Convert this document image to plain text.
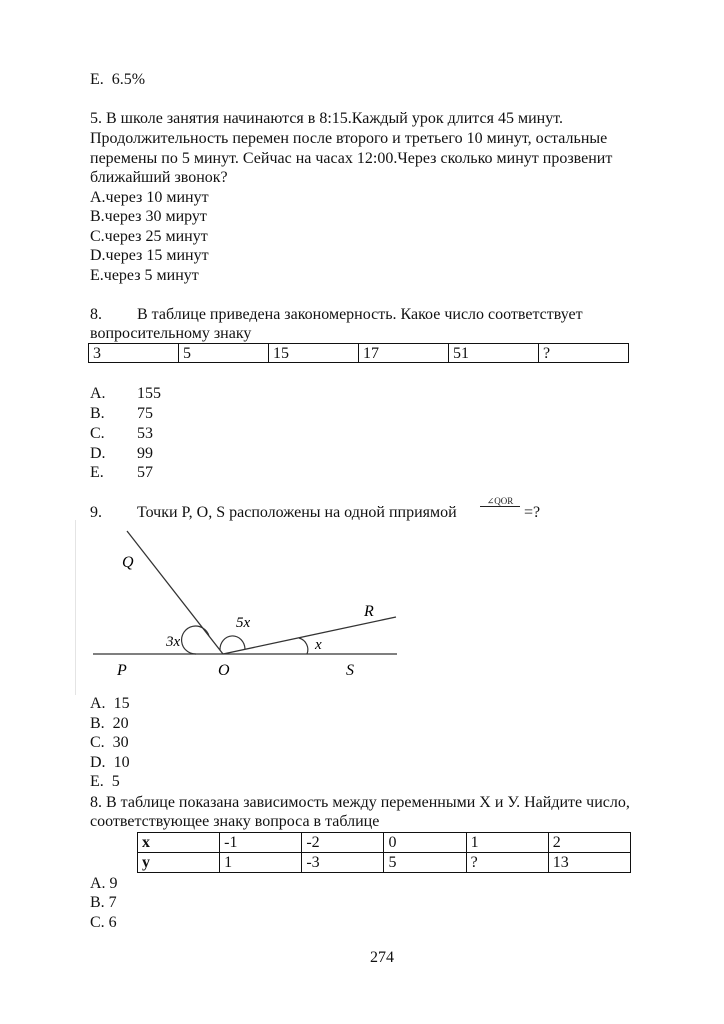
E. 6.5%
5. В школе занятия начинаются в 8:15.Каждый урок длится 45 минут.
Продолжительность перемен после второго и третьего 10 минут, остальные
перемены по 5 минут. Сейчас на часах 12:00.Через сколько минут прозвенит
ближайший звонок?
A.через 10 минут
B.через 30 мирут
C.через 25 минут
D.через 15 минут
E.через 5 минут
8. В таблице приведена закономерность. Какое число соответствует
вопросительному знаку
3	5	15	17	51	?
A. 155
B. 75
C. 53
D. 99
E. 57
9. Точки P, O, S расположены на одной пприямой
∠QOR
=?
Q
R
P	O	S
3x
5x
x
A. 15
B. 20
C. 30
D. 10
E. 5
8. В таблице показана зависимость между переменными Х и У. Найдите число,
соответствующее знаку вопроса в таблице
x	-1	-2	0	1	2
y	1	-3	5	?	13
A. 9
B. 7
C. 6
274
